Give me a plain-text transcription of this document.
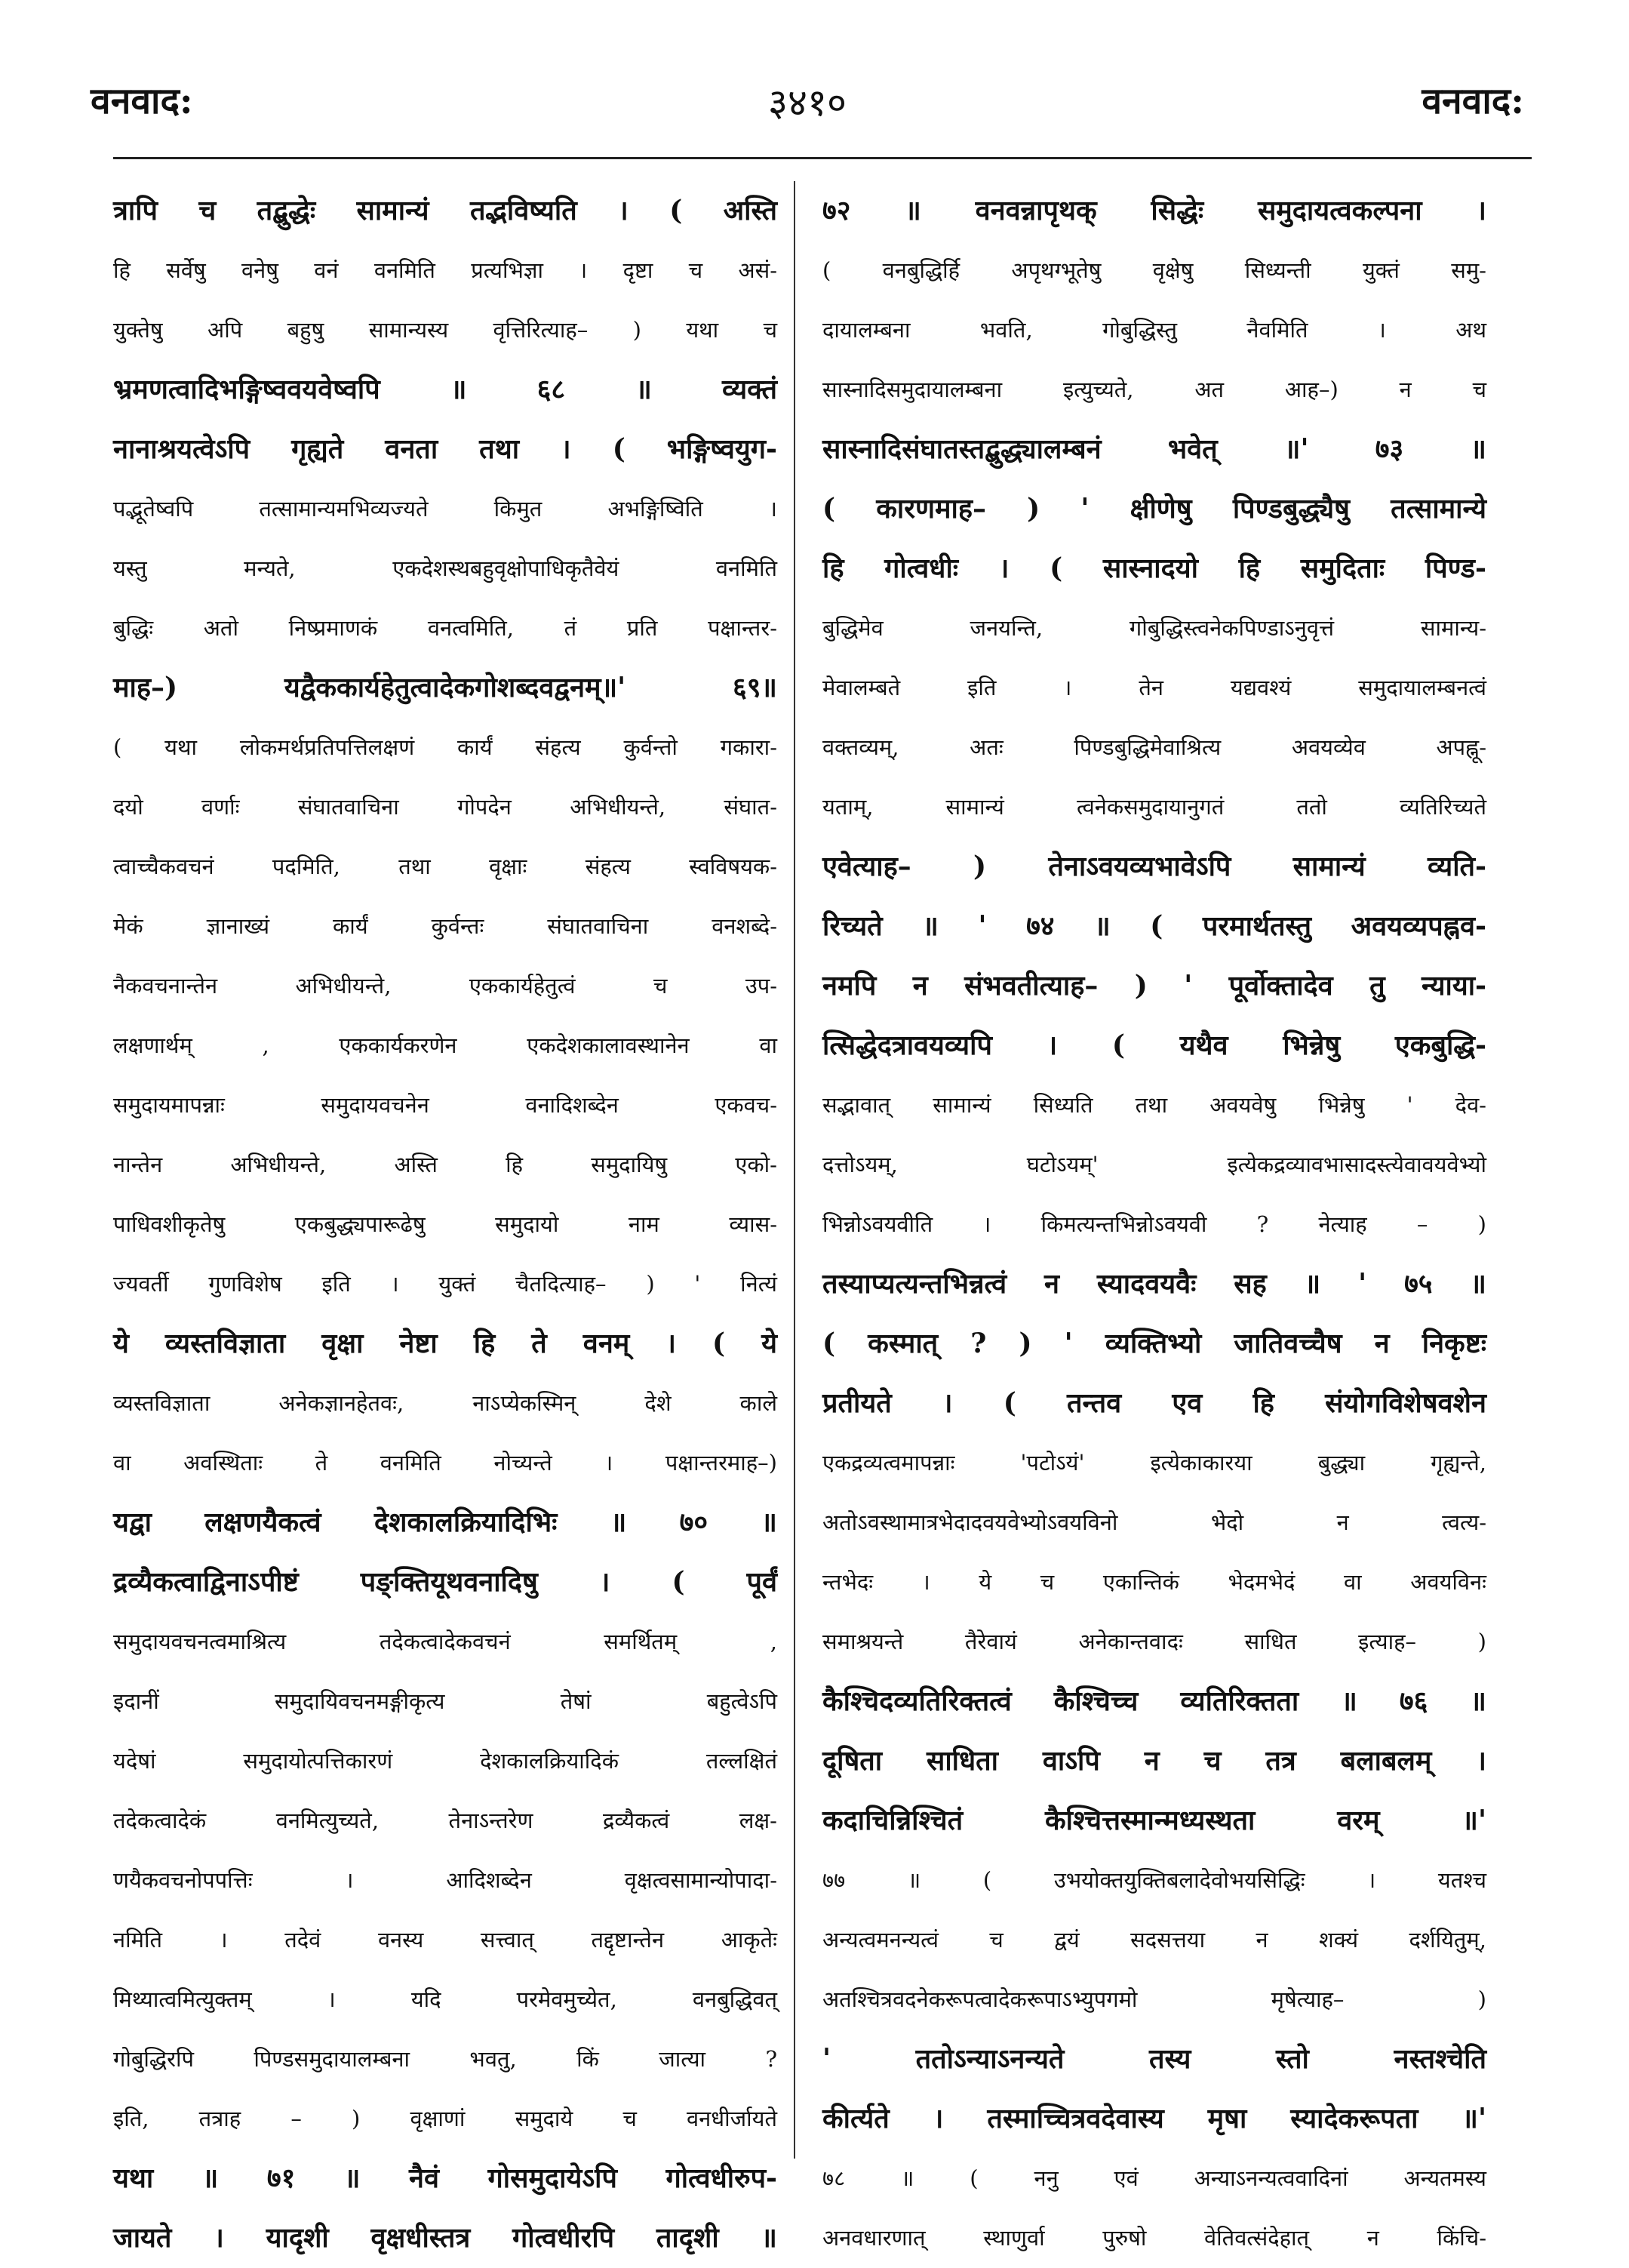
वनवाद:	३४१०	वनवाद:
त्रापि च तद्बुद्धेः सामान्यं तद्भविष्यति । ( अस्ति
हि सर्वेषु वनेषु वनं वनमिति प्रत्यभिज्ञा । दृष्टा च असं-
युक्तेषु अपि बहुषु सामान्यस्य वृत्तिरित्याह– ) यथा च
भ्रमणत्वादिभङ्गिष्ववयवेष्वपि ॥ ६८ ॥ व्यक्तं
नानाश्रयत्वेऽपि गृह्यते वनता तथा । ( भङ्गिष्वयुग-
पद्भूतेष्वपि तत्सामान्यमभिव्यज्यते किमुत अभङ्गिष्विति ।
यस्तु मन्यते, एकदेशस्थबहुवृक्षोपाधिकृतैवेयं वनमिति
बुद्धिः अतो निष्प्रमाणकं वनत्वमिति, तं प्रति पक्षान्तर-
माह–) यद्वैककार्यहेतुत्वादेकगोशब्दवद्वनम्॥' ६९॥
( यथा लोकमर्थप्रतिपत्तिलक्षणं कार्यं संहत्य कुर्वन्तो गकारा-
दयो वर्णाः संघातवाचिना गोपदेन अभिधीयन्ते, संघात-
त्वाच्चैकवचनं पदमिति, तथा वृक्षाः संहत्य स्वविषयक-
मेकं ज्ञानाख्यं कार्यं कुर्वन्तः संघातवाचिना वनशब्दे-
नैकवचनान्तेन अभिधीयन्ते, एककार्यहेतुत्वं च उप-
लक्षणार्थम् , एककार्यकरणेन एकदेशकालावस्थानेन वा
समुदायमापन्नाः समुदायवचनेन वनादिशब्देन एकवच-
नान्तेन अभिधीयन्ते, अस्ति हि समुदायिषु एको-
पाधिवशीकृतेषु एकबुद्ध्यपारूढेषु समुदायो नाम व्यास-
ज्यवर्ती गुणविशेष इति । युक्तं चैतदित्याह– ) ' नित्यं
ये व्यस्तविज्ञाता वृक्षा नेष्टा हि ते वनम् । ( ये
व्यस्तविज्ञाता अनेकज्ञानहेतवः, नाऽप्येकस्मिन् देशे काले
वा अवस्थिताः ते वनमिति नोच्यन्ते । पक्षान्तरमाह–)
यद्वा लक्षणयैकत्वं देशकालक्रियादिभिः ॥ ७० ॥
द्रव्यैकत्वाद्विनाऽपीष्टं पङ्क्तियूथवनादिषु । ( पूर्वं
समुदायवचनत्वमाश्रित्य तदेकत्वादेकवचनं समर्थितम् ,
इदानीं समुदायिवचनमङ्गीकृत्य तेषां बहुत्वेऽपि
यदेषां समुदायोत्पत्तिकारणं देशकालक्रियादिकं तल्लक्षितं
तदेकत्वादेकं वनमित्युच्यते, तेनाऽन्तरेण द्रव्यैकत्वं लक्ष-
णयैकवचनोपपत्तिः । आदिशब्देन वृक्षत्वसामान्योपादा-
नमिति । तदेवं वनस्य सत्त्वात् तद्दृष्टान्तेन आकृतेः
मिथ्यात्वमित्युक्तम् । यदि परमेवमुच्येत, वनबुद्धिवत्
गोबुद्धिरपि पिण्डसमुदायालम्बना भवतु, किं जात्या ?
इति, तत्राह – ) वृक्षाणां समुदाये च वनधीर्जायते
यथा ॥ ७१ ॥ नैवं गोसमुदायेऽपि गोत्वधीरुप-
जायते । यादृशी वृक्षधीस्तत्र गोत्वधीरपि तादृशी ॥
७२ ॥ वनवन्नापृथक् सिद्धेः समुदायत्वकल्पना ।
( वनबुद्धिर्हि अपृथग्भूतेषु वृक्षेषु सिध्यन्ती युक्तं समु-
दायालम्बना भवति, गोबुद्धिस्तु नैवमिति । अथ
सास्नादिसमुदायालम्बना इत्युच्यते, अत आह–) न च
सास्नादिसंघातस्तद्बुद्ध्यालम्बनं भवेत् ॥' ७३ ॥
( कारणमाह– ) ' क्षीणेषु पिण्डबुद्ध्यैषु तत्सामान्ये
हि गोत्वधीः । ( सास्नादयो हि समुदिताः पिण्ड-
बुद्धिमेव जनयन्ति, गोबुद्धिस्त्वनेकपिण्डाऽनुवृत्तं सामान्य-
मेवालम्बते इति । तेन यद्यवश्यं समुदायालम्बनत्वं
वक्तव्यम्, अतः पिण्डबुद्धिमेवाश्रित्य अवयव्येव अपह्नू-
यताम्, सामान्यं त्वनेकसमुदायानुगतं ततो व्यतिरिच्यते
एवेत्याह– ) तेनाऽवयव्यभावेऽपि सामान्यं व्यति-
रिच्यते ॥ ' ७४ ॥ ( परमार्थतस्तु अवयव्यपह्नव-
नमपि न संभवतीत्याह– ) ' पूर्वोक्तादेव तु न्याया-
त्सिद्धेदत्रावयव्यपि । ( यथैव भिन्नेषु एकबुद्धि-
सद्भावात् सामान्यं सिध्यति तथा अवयवेषु भिन्नेषु ' देव-
दत्तोऽयम्, घटोऽयम्' इत्येकद्रव्यावभासादस्त्येवावयवेभ्यो
भिन्नोऽवयवीति । किमत्यन्तभिन्नोऽवयवी ? नेत्याह – )
तस्याप्यत्यन्तभिन्नत्वं न स्यादवयवैः सह ॥ ' ७५ ॥
( कस्मात् ? ) ' व्यक्तिभ्यो जातिवच्चैष न निकृष्टः
प्रतीयते । ( तन्तव एव हि संयोगविशेषवशेन
एकद्रव्यत्वमापन्नाः 'पटोऽयं' इत्येकाकारया बुद्ध्या गृह्यन्ते,
अतोऽवस्थामात्रभेदादवयवेभ्योऽवयविनो भेदो न त्वत्य-
न्तभेदः । ये च एकान्तिकं भेदमभेदं वा अवयविनः
समाश्रयन्ते तैरेवायं अनेकान्तवादः साधित इत्याह– )
कैश्चिदव्यतिरिक्तत्वं कैश्चिच्च व्यतिरिक्तता ॥ ७६ ॥
दूषिता साधिता वाऽपि न च तत्र बलाबलम् ।
कदाचिन्निश्चितं कैश्चित्तस्मान्मध्यस्थता वरम् ॥'
७७ ॥ ( उभयोक्तयुक्तिबलादेवोभयसिद्धिः । यतश्च
अन्यत्वमनन्यत्वं च द्वयं सदसत्तया न शक्यं दर्शयितुम्,
अतश्चित्रवदनेकरूपत्वादेकरूपाऽभ्युपगमो मृषेत्याह– )
' ततोऽन्याऽनन्यते तस्य स्तो नस्तश्चेति
कीर्त्यते । तस्माच्चित्रवदेवास्य मृषा स्यादेकरूपता ॥'
७८ ॥ ( ननु एवं अन्याऽनन्यत्ववादिनां अन्यतमस्य
अनवधारणात् स्थाणुर्वा पुरुषो वेतिवत्संदेहात् न किंचि-
